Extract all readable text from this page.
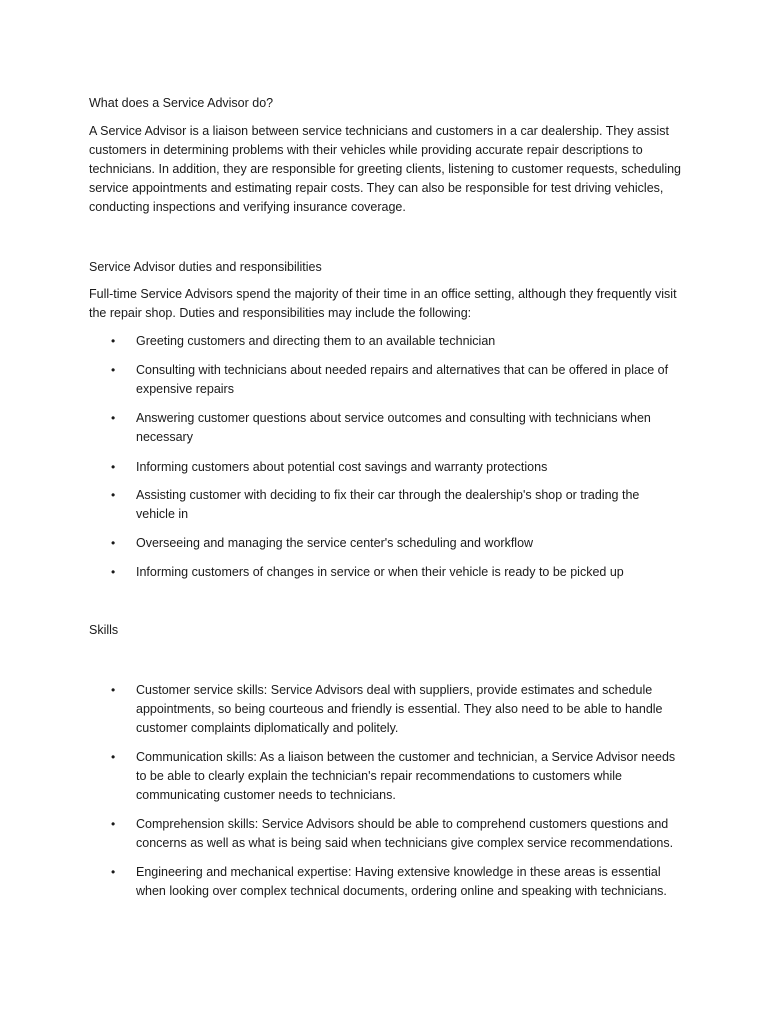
What does a Service Advisor do?

A Service Advisor is a liaison between service technicians and customers in a car dealership. They assist customers in determining problems with their vehicles while providing accurate repair descriptions to technicians. In addition, they are responsible for greeting clients, listening to customer requests, scheduling service appointments and estimating repair costs. They can also be responsible for test driving vehicles, conducting inspections and verifying insurance coverage.

Service Advisor duties and responsibilities

Full-time Service Advisors spend the majority of their time in an office setting, although they frequently visit the repair shop. Duties and responsibilities may include the following:

• Greeting customers and directing them to an available technician
• Consulting with technicians about needed repairs and alternatives that can be offered in place of expensive repairs
• Answering customer questions about service outcomes and consulting with technicians when necessary
• Informing customers about potential cost savings and warranty protections
• Assisting customer with deciding to fix their car through the dealership's shop or trading the vehicle in
• Overseeing and managing the service center's scheduling and workflow
• Informing customers of changes in service or when their vehicle is ready to be picked up
Skills
• Customer service skills: Service Advisors deal with suppliers, provide estimates and schedule appointments, so being courteous and friendly is essential. They also need to be able to handle customer complaints diplomatically and politely.
• Communication skills: As a liaison between the customer and technician, a Service Advisor needs to be able to clearly explain the technician's repair recommendations to customers while communicating customer needs to technicians.
• Comprehension skills: Service Advisors should be able to comprehend customers questions and concerns as well as what is being said when technicians give complex service recommendations.
• Engineering and mechanical expertise: Having extensive knowledge in these areas is essential when looking over complex technical documents, ordering online and speaking with technicians.
